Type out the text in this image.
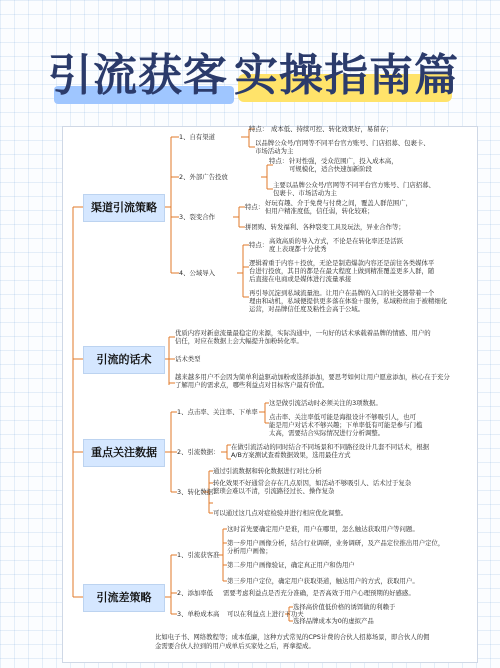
引流获客 实操指南篇
渠道引流策略
1、自有渠道
特点： 成本低、持续可控、转化效果好，易留存；
以品牌公众号/官网等不同平台官方账号、门店招募、包裹卡、
市场活动为主
2、外部广告投放
特点： 针对性强，受众范围广，投入成本高，
可规模化，适合快速加新阶段
主要以品牌公众号/官网等不同平台官方账号、门店招募、
包裹卡、市场活动为主
3、裂变合作
特点： 好玩有趣、介于免费与付费之间，覆盖人群范围广，
但用户精准度低，信任弱，转化较难；
拼团购、转发福利、各种裂变工具及玩法，异业合作等；
4、公域导入
特点： 高效高质的导入方式，不论是在转化率还是活跃
度上表现都十分优秀
逻辑着重于内容＋投放，无论是制造爆款内容还是前往各类媒体平
台进行投放，其目的都是在最大程度上做到精准覆盖更多人群，随
后直接在电商或是媒体进行流量承接
再引导沉淀到私域流量池。让用户在品牌的入口的社交器带着一个
理由和动机，私域便提供更多落在体验＋服务，私域粉丝由于被精细化
运营，对品牌信任度及粘性会高于公域。
引流的话术
优质内容对新意流量最稳定的来源，实际沟通中，一句好的话术承载着品牌的情感、用户的
信任，对应在数据上会大幅提升加粉转化率。
话术类型
越来越多用户不会因为简单利益驱动加粉或选择添加，要思考如何让用户愿意添加，核心在于充分
了解用户的需求点，哪些利益点对目标客户最有价值。
重点关注数据
1、点击率、关注率、下单率
这是做引流活动时必须关注的3项数据。
点击率、关注率低可能是海报设计不够吸引人，也可
能是用户对话术不够兴趣；下单率低有可能是参与门槛
太高，需要结合实际情况进行分析调整。
2、引流数据：
在做引流活动的同时结合不同场景和不同路径设计几套不同话术，根据
A/B方案测试查看数据效果，选用最佳方式
3、转化数据：
通过引流数据和转化数据进行对比分析
转化效果不好通常会存在几点原因，如活动不够吸引人、话术过于复杂
繁琐会难以不清，引流路径过长、操作复杂
可以通过这几点对症检验并进行相应优化调整。
引流差策略
1、引流获客准
这时首先要确定用户是谁，用户在哪里，怎么触达获取用户等问题。
第一步用户画像分析，结合行业调研，业务调研，及产品定位推出用户定位，
分析用户画像；
第二步用户画像验证，确定真正用户和伪用户
第三步用户定位，确定用户获取渠道，触达用户的方式，获取用户。
2、添加率低 需要考虑利益点是否充分准确，是否高效于用户心理预期的好感感。
3、单粉成本高 可以在利益点上进行下功夫
选择高价值低价格的诱饵做的利赖于
选择品牌成本为0的虚拟产品
比如电子书、网络教程等；成本低廉，这种方式常见的CPS计费的合伙人招募场景，即合伙人的佣
金需要合伙人拉到的用户成单后买家处之后，再拿提成。
